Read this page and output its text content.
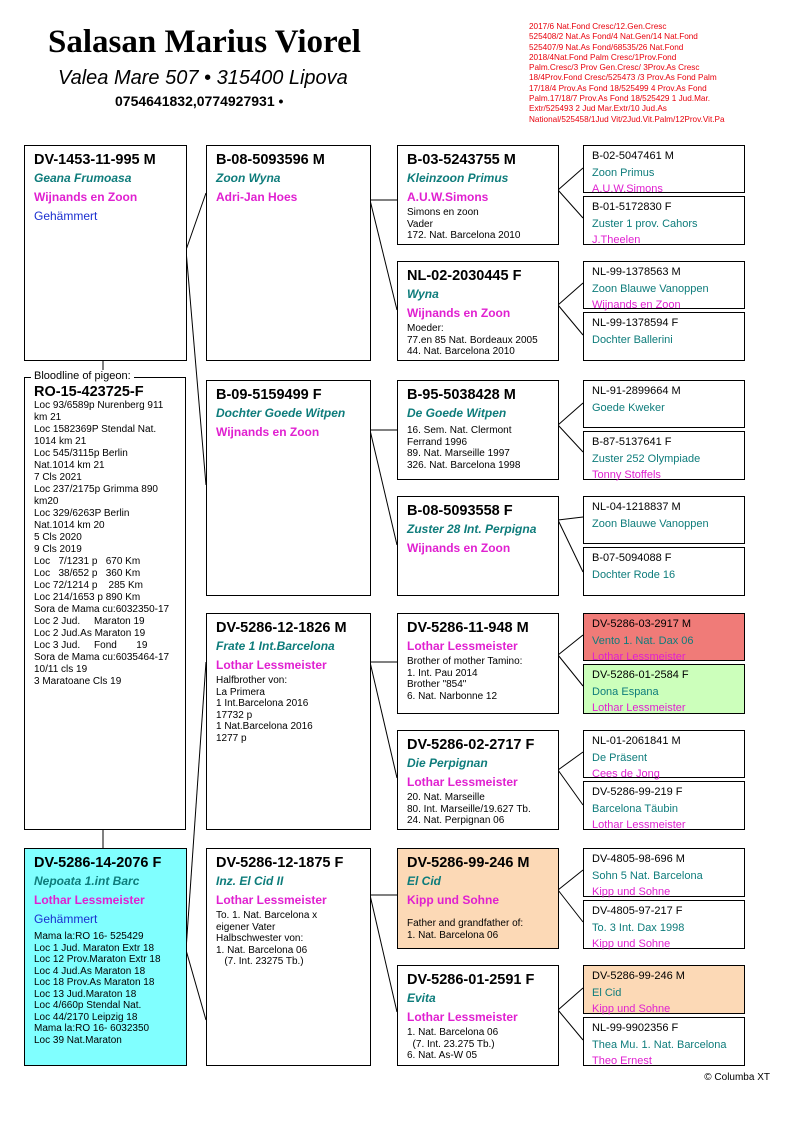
Salasan Marius Viorel
Valea Mare 507 • 315400 Lipova
0754641832,0774927931 •
2017/6 Nat.Fond Cresc/12.Gen.Cresc
525408/2 Nat.As Fond/4 Nat.Gen/14 Nat.Fond
525407/9 Nat.As Fond/68535/26 Nat.Fond
2018/4Nat.Fond Palm Cresc/1Prov.Fond
Palm.Cresc/3 Prov Gen.Cresc/ 3Prov.As Cresc
18/4Prov.Fond Cresc/525473 /3 Prov.As Fond Palm
17/18/4 Prov.As Fond 18/525499 4 Prov.As Fond
Palm.17/18/7 Prov.As Fond 18/525429 1 Jud.Mar.
Extr/525493 2 Jud Mar.Extr/10 Jud.As
National/525458/1Jud Vit/2Jud.Vit.Palm/12Prov.Vit.Pa
DV-1453-11-995 M
Geana Frumoasa
Wijnands en Zoon
Gehämmert
Bloodline of pigeon:
RO-15-423725-F
Loc 93/6589p Nurenberg 911
km 21
Loc 1582369P Stendal Nat.
1014 km 21
Loc 545/3115p Berlin
Nat.1014 km 21
7 Cls 2021
Loc 237/2175p Grimma 890
km20
Loc 329/6263P Berlin
Nat.1014 km 20
5 Cls 2020
9 Cls 2019
Loc   7/1231 p   670 Km
Loc   38/652 p   360 Km
Loc 72/1214 p    285 Km
Loc 214/1653 p 890 Km
Sora de Mama cu:6032350-17
Loc 2 Jud.     Maraton 19
Loc 2 Jud.As Maraton 19
Loc 3 Jud.     Fond       19
Sora de Mama cu:6035464-17
10/11 cls 19
3 Maratoane Cls 19
DV-5286-14-2076 F
Nepoata 1.int Barc
Lothar Lessmeister
Gehämmert
Mama la:RO 16- 525429
Loc 1 Jud. Maraton Extr 18
Loc 12 Prov.Maraton Extr 18
Loc 4 Jud.As Maraton 18
Loc 18 Prov.As Maraton 18
Loc 13 Jud.Maraton 18
Loc 4/660p Stendal Nat.
Loc 44/2170 Leipzig 18
Mama la:RO 16- 6032350
Loc 39 Nat.Maraton
B-08-5093596 M
Zoon Wyna
Adri-Jan Hoes
B-09-5159499 F
Dochter Goede Witpen
Wijnands en Zoon
DV-5286-12-1826 M
Frate 1 Int.Barcelona
Lothar Lessmeister
Halfbrother von:
La Primera
1 Int.Barcelona 2016
17732 p
1 Nat.Barcelona 2016
1277 p
DV-5286-12-1875 F
Inz. El Cid II
Lothar Lessmeister
To. 1. Nat. Barcelona x
eigener Vater
Halbschwester von:
1. Nat. Barcelona 06
(7. Int. 23275 Tb.)
B-03-5243755 M
Kleinzoon Primus
A.U.W.Simons
Simons en zoon
Vader
172. Nat. Barcelona 2010
NL-02-2030445 F
Wyna
Wijnands en Zoon
Moeder:
77.en 85 Nat. Bordeaux 2005
44. Nat. Barcelona 2010
B-95-5038428 M
De Goede Witpen
16. Sem. Nat. Clermont
Ferrand 1996
89. Nat. Marseille 1997
326. Nat. Barcelona 1998
B-08-5093558 F
Zuster 28 Int. Perpigna
Wijnands en Zoon
DV-5286-11-948 M
Lothar Lessmeister
Brother of mother Tamino:
1. Int. Pau 2014
Brother "854"
6. Nat. Narbonne 12
DV-5286-02-2717 F
Die Perpignan
Lothar Lessmeister
20. Nat. Marseille
80. Int. Marseille/19.627 Tb.
24. Nat. Perpignan 06
DV-5286-99-246 M
El Cid
Kipp und Sohne
Father and grandfather of:
1. Nat. Barcelona 06
DV-5286-01-2591 F
Evita
Lothar Lessmeister
1. Nat. Barcelona 06
(7. Int. 23.275 Tb.)
6. Nat. As-W 05
B-02-5047461 M
Zoon Primus
A.U.W.Simons
B-01-5172830 F
Zuster 1 prov. Cahors
J.Theelen
NL-99-1378563 M
Zoon Blauwe Vanoppen
Wijnands en Zoon
NL-99-1378594 F
Dochter Ballerini
NL-91-2899664 M
Goede Kweker
B-87-5137641 F
Zuster 252 Olympiade
Tonny Stoffels
NL-04-1218837 M
Zoon Blauwe Vanoppen
B-07-5094088 F
Dochter Rode 16
DV-5286-03-2917 M
Vento 1. Nat. Dax 06
Lothar Lessmeister
DV-5286-01-2584 F
Dona Espana
Lothar Lessmeister
NL-01-2061841 M
De Präsent
Cees de Jong
DV-5286-99-219 F
Barcelona Täubin
Lothar Lessmeister
DV-4805-98-696 M
Sohn 5 Nat. Barcelona
Kipp und Sohne
DV-4805-97-217 F
To. 3 Int. Dax 1998
Kipp und Sohne
DV-5286-99-246 M
El Cid
Kipp und Sohne
NL-99-9902356 F
Thea Mu. 1. Nat. Barcelona
Theo Ernest
© Columba XT
